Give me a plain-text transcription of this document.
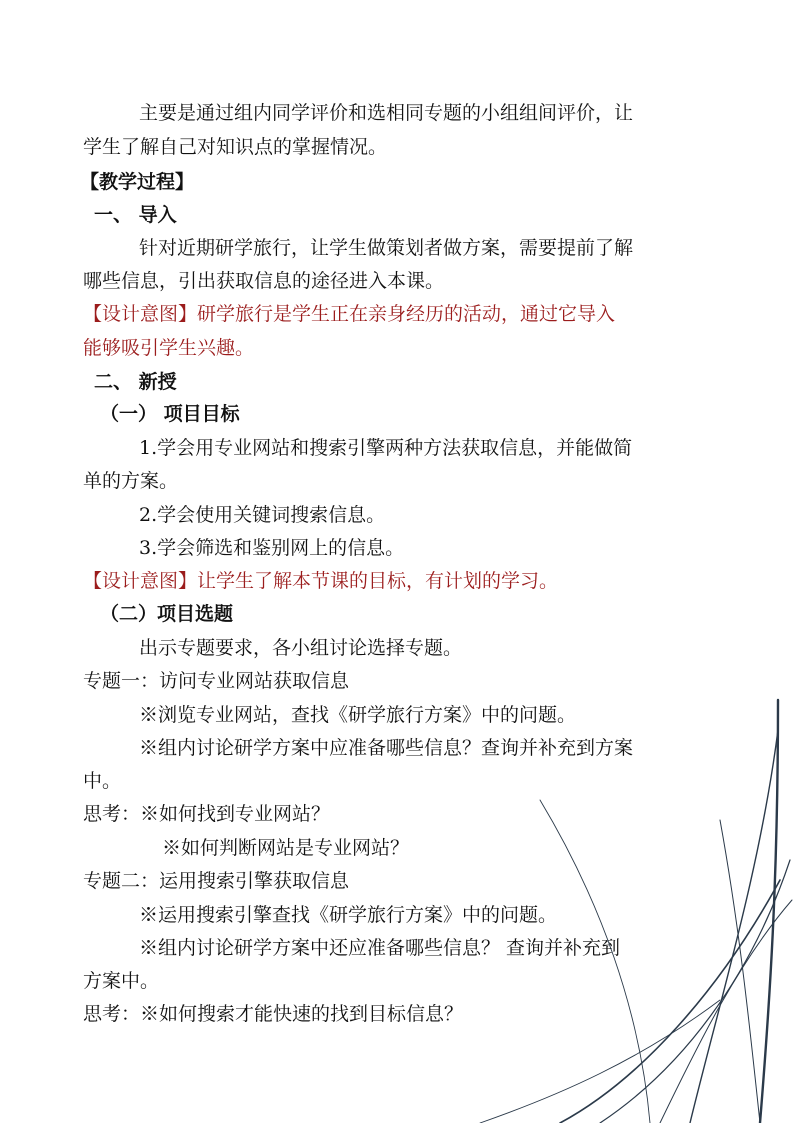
主要是通过组内同学评价和选相同专题的小组组间评价，让
学生了解自己对知识点的掌握情况。
【教学过程】
一、 导入
针对近期研学旅行，让学生做策划者做方案，需要提前了解
哪些信息，引出获取信息的途径进入本课。
【设计意图】研学旅行是学生正在亲身经历的活动，通过它导入
能够吸引学生兴趣。
二、 新授
（一） 项目目标
1.学会用专业网站和搜索引擎两种方法获取信息，并能做简
单的方案。
2.学会使用关键词搜索信息。
3.学会筛选和鉴别网上的信息。
【设计意图】让学生了解本节课的目标，有计划的学习。
（二）项目选题
出示专题要求，各小组讨论选择专题。
专题一：访问专业网站获取信息
※浏览专业网站，查找《研学旅行方案》中的问题。
※组内讨论研学方案中应准备哪些信息？查询并补充到方案
中。
思考：※如何找到专业网站？
※如何判断网站是专业网站？
专题二：运用搜索引擎获取信息
※运用搜索引擎查找《研学旅行方案》中的问题。
※组内讨论研学方案中还应准备哪些信息？ 查询并补充到
方案中。
思考：※如何搜索才能快速的找到目标信息？
